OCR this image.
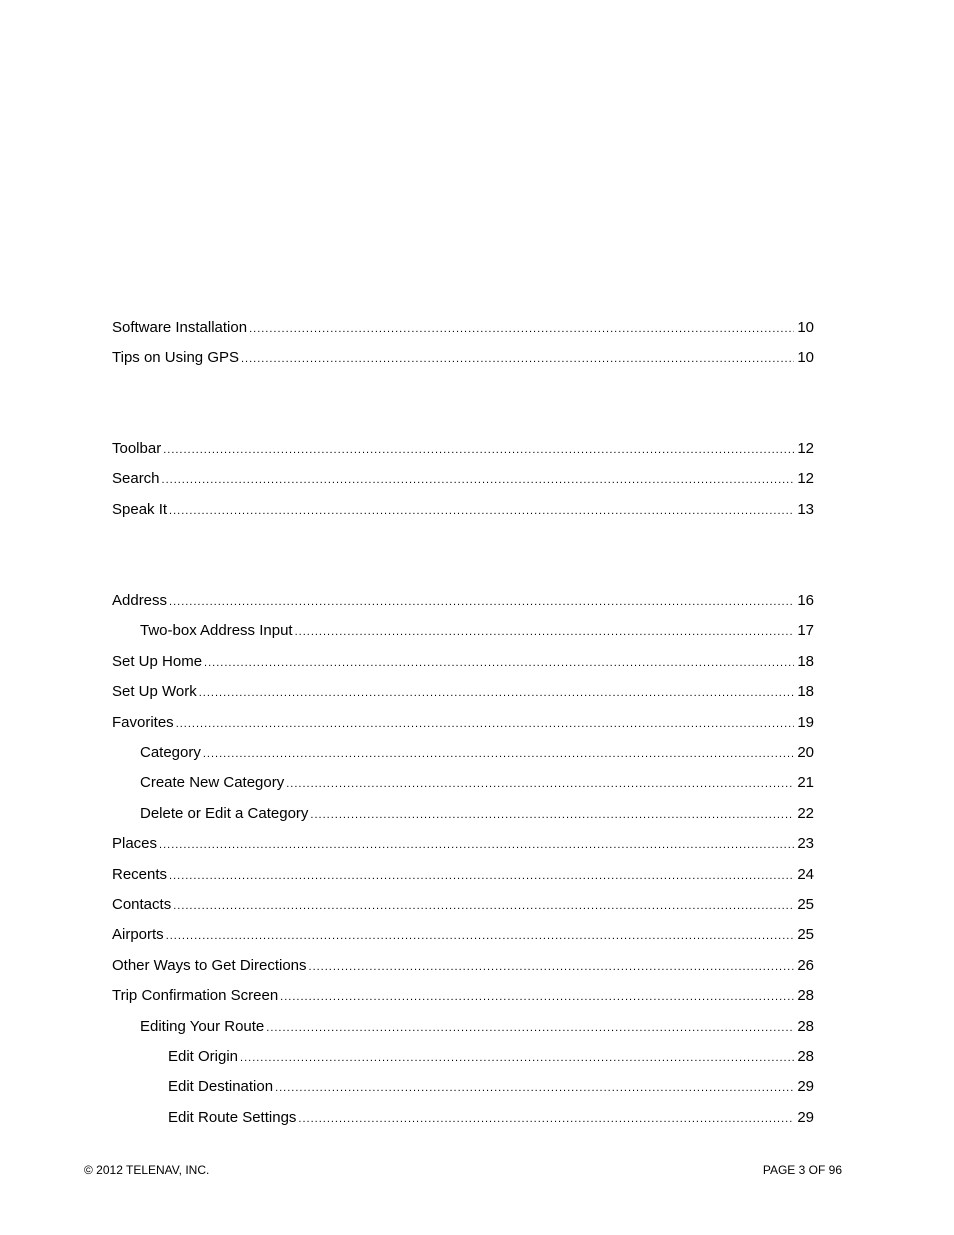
Software Installation .....	10
Tips on Using GPS .....	10
Toolbar .....	12
Search .....	12
Speak It .....	13
Address .....	16
Two-box Address Input .....	17
Set Up Home .....	18
Set Up Work .....	18
Favorites .....	19
Category .....	20
Create New Category .....	21
Delete or Edit a Category .....	22
Places .....	23
Recents .....	24
Contacts .....	25
Airports .....	25
Other Ways to Get Directions .....	26
Trip Confirmation Screen .....	28
Editing Your Route .....	28
Edit Origin .....	28
Edit Destination .....	29
Edit Route Settings .....	29
© 2012 TELENAV, INC.	PAGE 3 OF 96
